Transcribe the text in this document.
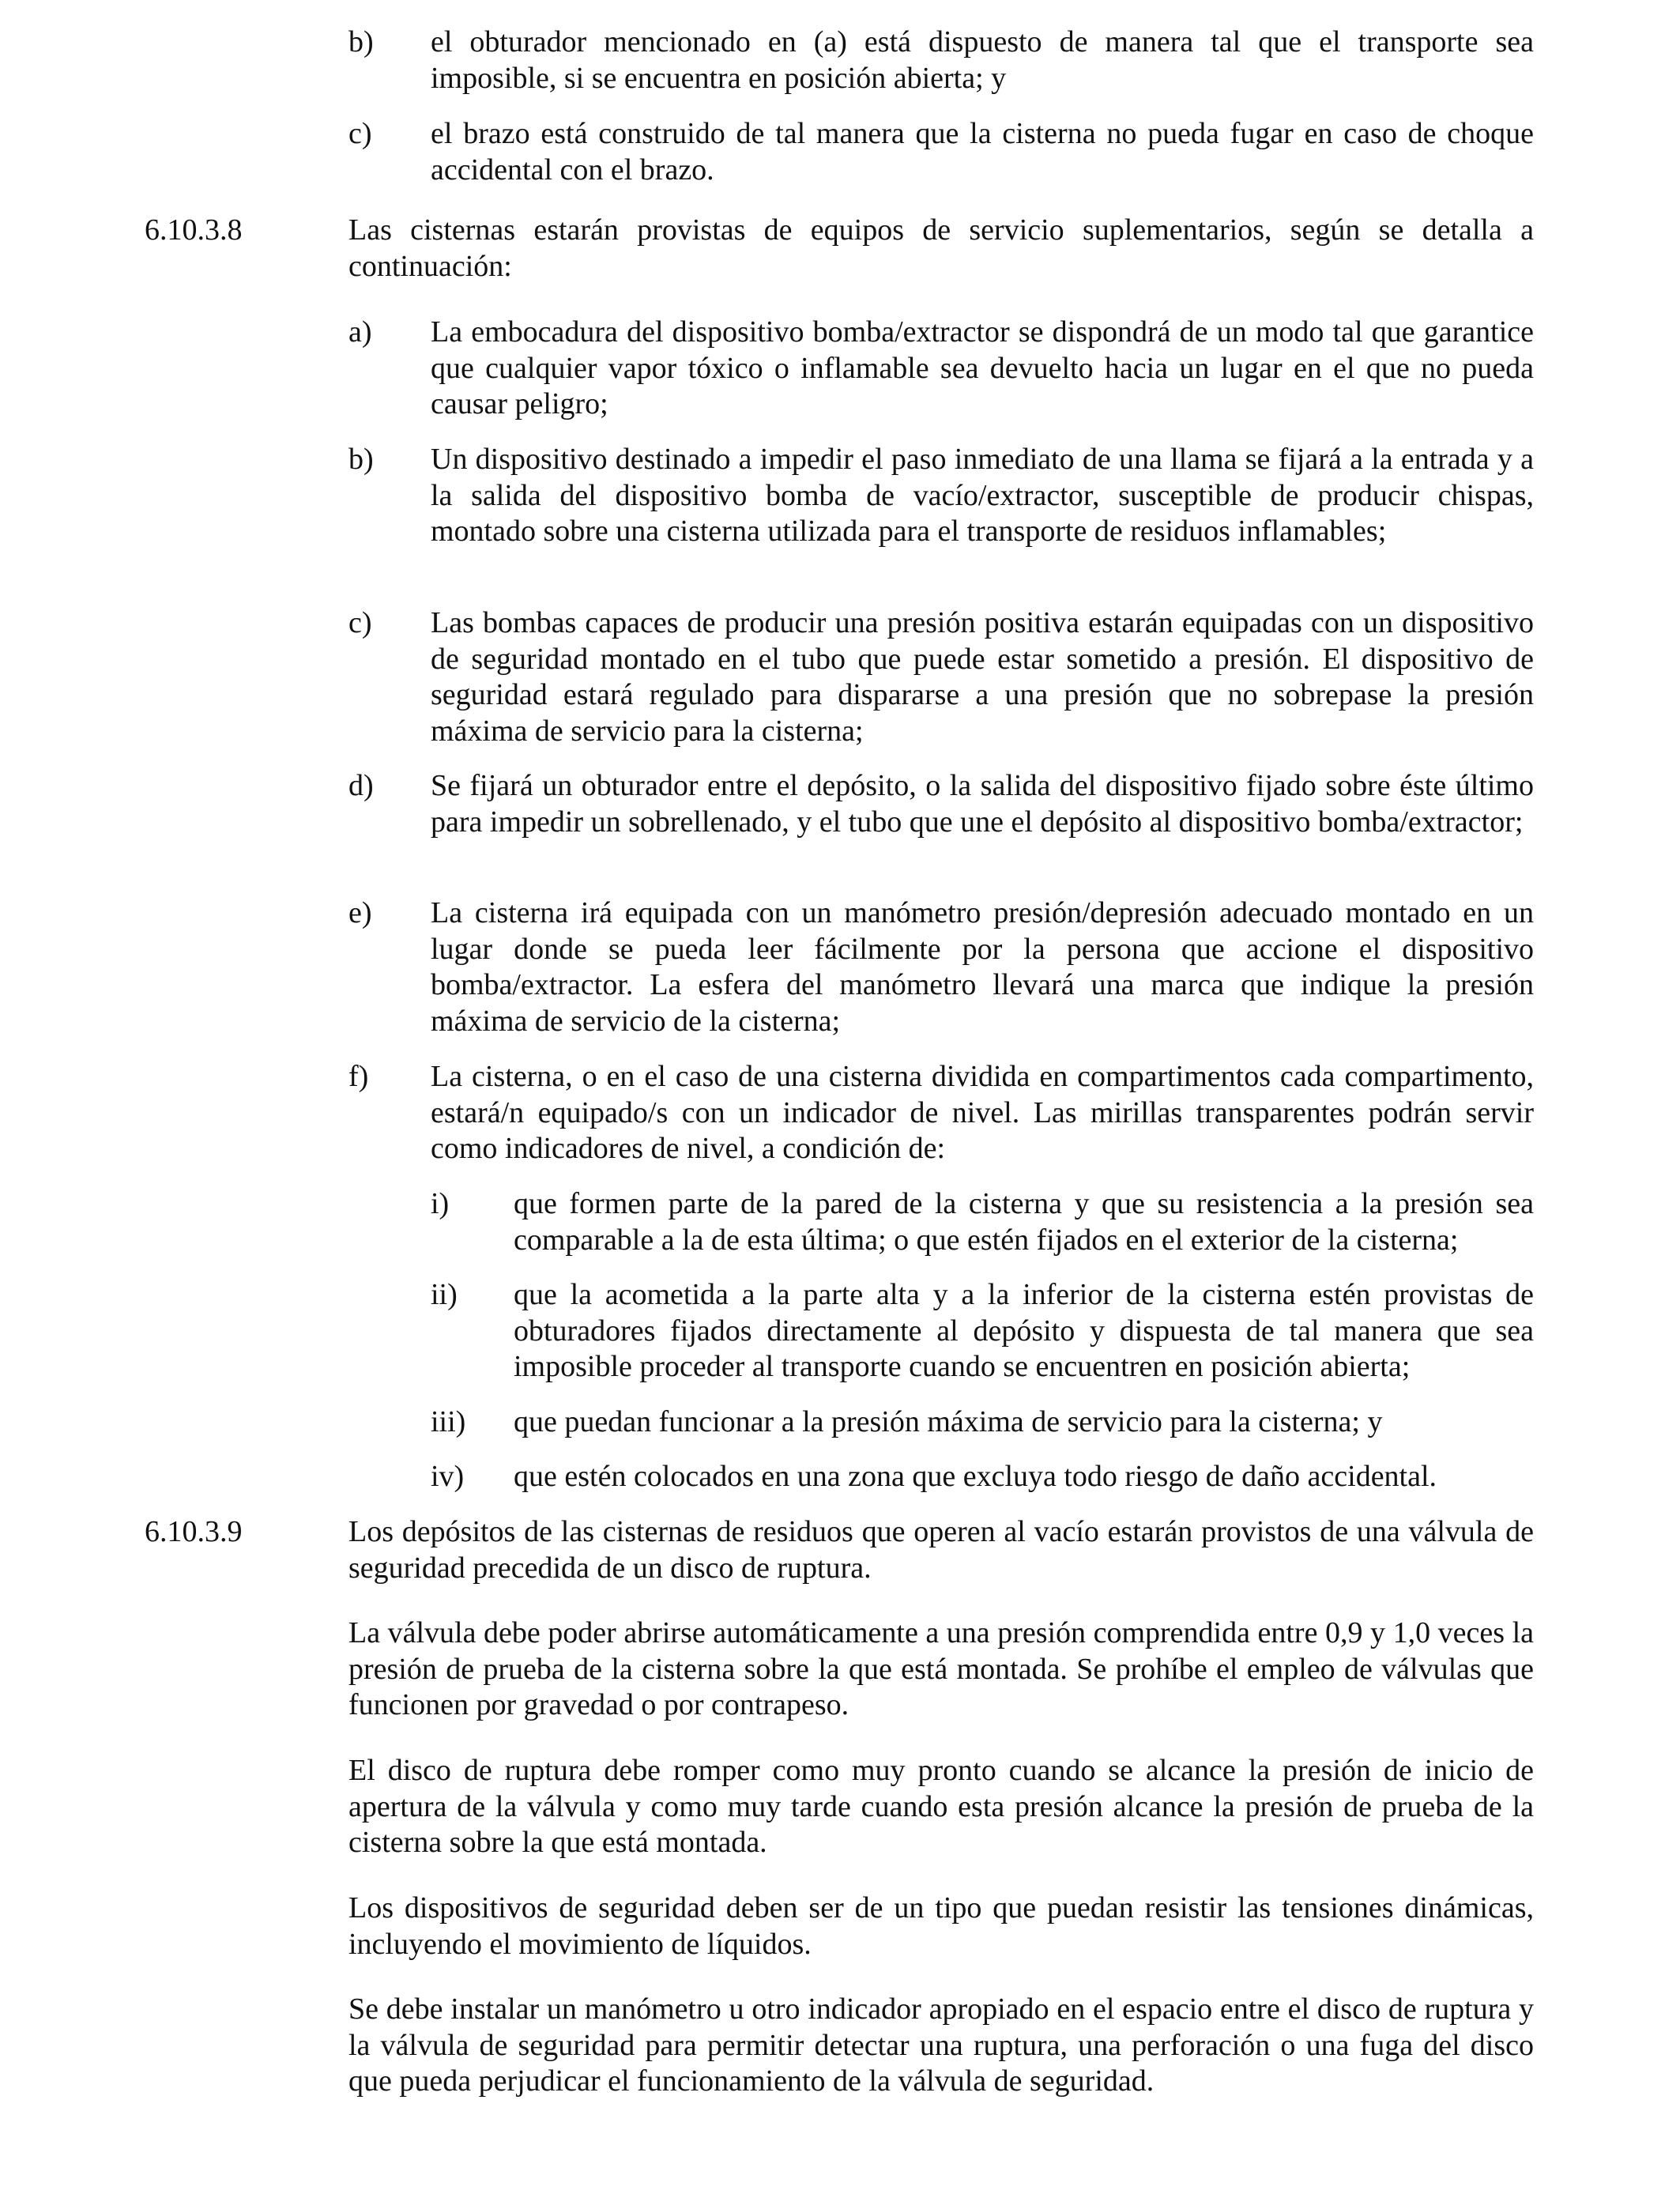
b) el obturador mencionado en (a) está dispuesto de manera tal que el transporte sea imposible, si se encuentra en posición abierta; y
c) el brazo está construido de tal manera que la cisterna no pueda fugar en caso de choque accidental con el brazo.
6.10.3.8	Las cisternas estarán provistas de equipos de servicio suplementarios, según se detalla a continuación:
a) La embocadura del dispositivo bomba/extractor se dispondrá de un modo tal que garantice que cualquier vapor tóxico o inflamable sea devuelto hacia un lugar en el que no pueda causar peligro;
b) Un dispositivo destinado a impedir el paso inmediato de una llama se fijará a la entrada y a la salida del dispositivo bomba de vacío/extractor, susceptible de producir chispas, montado sobre una cisterna utilizada para el transporte de residuos inflamables;
c) Las bombas capaces de producir una presión positiva estarán equipadas con un dispositivo de seguridad montado en el tubo que puede estar sometido a presión. El dispositivo de seguridad estará regulado para dispararse a una presión que no sobrepase la presión máxima de servicio para la cisterna;
d) Se fijará un obturador entre el depósito, o la salida del dispositivo fijado sobre éste último para impedir un sobrellenado, y el tubo que une el depósito al dispositivo bomba/extractor;
e) La cisterna irá equipada con un manómetro presión/depresión adecuado montado en un lugar donde se pueda leer fácilmente por la persona que accione el dispositivo bomba/extractor. La esfera del manómetro llevará una marca que indique la presión máxima de servicio de la cisterna;
f) La cisterna, o en el caso de una cisterna dividida en compartimentos cada compartimento, estará/n equipado/s con un indicador de nivel. Las mirillas transparentes podrán servir como indicadores de nivel, a condición de:
i) que formen parte de la pared de la cisterna y que su resistencia a la presión sea comparable a la de esta última; o que estén fijados en el exterior de la cisterna;
ii) que la acometida a la parte alta y a la inferior de la cisterna estén provistas de obturadores fijados directamente al depósito y dispuesta de tal manera que sea imposible proceder al transporte cuando se encuentren en posición abierta;
iii) que puedan funcionar a la presión máxima de servicio para la cisterna; y
iv) que estén colocados en una zona que excluya todo riesgo de daño accidental.
6.10.3.9	Los depósitos de las cisternas de residuos que operen al vacío estarán provistos de una válvula de seguridad precedida de un disco de ruptura.
La válvula debe poder abrirse automáticamente a una presión comprendida entre 0,9 y 1,0 veces la presión de prueba de la cisterna sobre la que está montada. Se prohíbe el empleo de válvulas que funcionen por gravedad o por contrapeso.
El disco de ruptura debe romper como muy pronto cuando se alcance la presión de inicio de apertura de la válvula y como muy tarde cuando esta presión alcance la presión de prueba de la cisterna sobre la que está montada.
Los dispositivos de seguridad deben ser de un tipo que puedan resistir las tensiones dinámicas, incluyendo el movimiento de líquidos.
Se debe instalar un manómetro u otro indicador apropiado en el espacio entre el disco de ruptura y la válvula de seguridad para permitir detectar una ruptura, una perforación o una fuga del disco que pueda perjudicar el funcionamiento de la válvula de seguridad.
